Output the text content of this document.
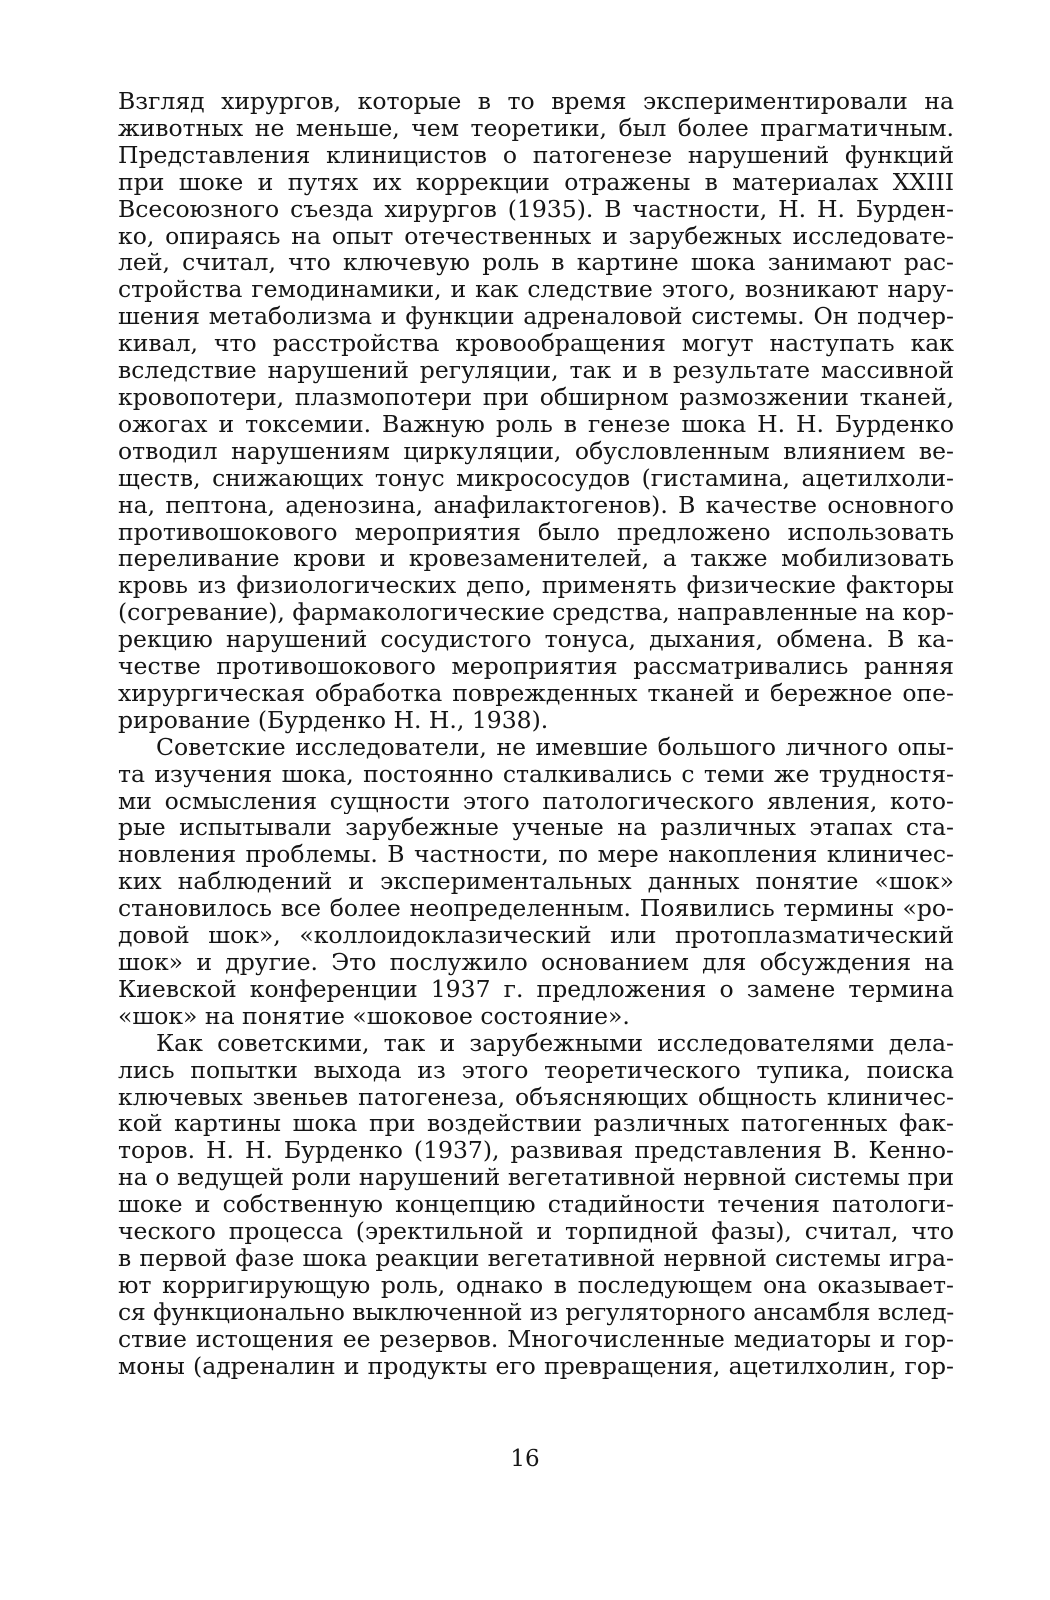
Взгляд хирургов, которые в то время экспериментировали на
животных не меньше, чем теоретики, был более прагматичным.
Представления клиницистов о патогенезе нарушений функций
при шоке и путях их коррекции отражены в материалах XXIII
Всесоюзного съезда хирургов (1935). В частности, Н. Н. Бурден-
ко, опираясь на опыт отечественных и зарубежных исследовате-
лей, считал, что ключевую роль в картине шока занимают рас-
стройства гемодинамики, и как следствие этого, возникают нару-
шения метаболизма и функции адреналовой системы. Он подчер-
кивал, что расстройства кровообращения могут наступать как
вследствие нарушений регуляции, так и в результате массивной
кровопотери, плазмопотери при обширном размозжении тканей,
ожогах и токсемии. Важную роль в генезе шока Н. Н. Бурденко
отводил нарушениям циркуляции, обусловленным влиянием ве-
ществ, снижающих тонус микрососудов (гистамина, ацетилхоли-
на, пептона, аденозина, анафилактогенов). В качестве основного
противошокового мероприятия было предложено использовать
переливание крови и кровезаменителей, а также мобилизовать
кровь из физиологических депо, применять физические факторы
(согревание), фармакологические средства, направленные на кор-
рекцию нарушений сосудистого тонуса, дыхания, обмена. В ка-
честве противошокового мероприятия рассматривались ранняя
хирургическая обработка поврежденных тканей и бережное опе-
рирование (Бурденко Н. Н., 1938).
Советские исследователи, не имевшие большого личного опы-
та изучения шока, постоянно сталкивались с теми же трудностя-
ми осмысления сущности этого патологического явления, кото-
рые испытывали зарубежные ученые на различных этапах ста-
новления проблемы. В частности, по мере накопления клиничес-
ких наблюдений и экспериментальных данных понятие «шок»
становилось все более неопределенным. Появились термины «ро-
довой шок», «коллоидоклазический или протоплазматический
шок» и другие. Это послужило основанием для обсуждения на
Киевской конференции 1937 г. предложения о замене термина
«шок» на понятие «шоковое состояние».
Как советскими, так и зарубежными исследователями дела-
лись попытки выхода из этого теоретического тупика, поиска
ключевых звеньев патогенеза, объясняющих общность клиничес-
кой картины шока при воздействии различных патогенных фак-
торов. Н. Н. Бурденко (1937), развивая представления В. Кенно-
на о ведущей роли нарушений вегетативной нервной системы при
шоке и собственную концепцию стадийности течения патологи-
ческого процесса (эректильной и торпидной фазы), считал, что
в первой фазе шока реакции вегетативной нервной системы игра-
ют корригирующую роль, однако в последующем она оказывает-
ся функционально выключенной из регуляторного ансамбля вслед-
ствие истощения ее резервов. Многочисленные медиаторы и гор-
моны (адреналин и продукты его превращения, ацетилхолин, гор-
16
